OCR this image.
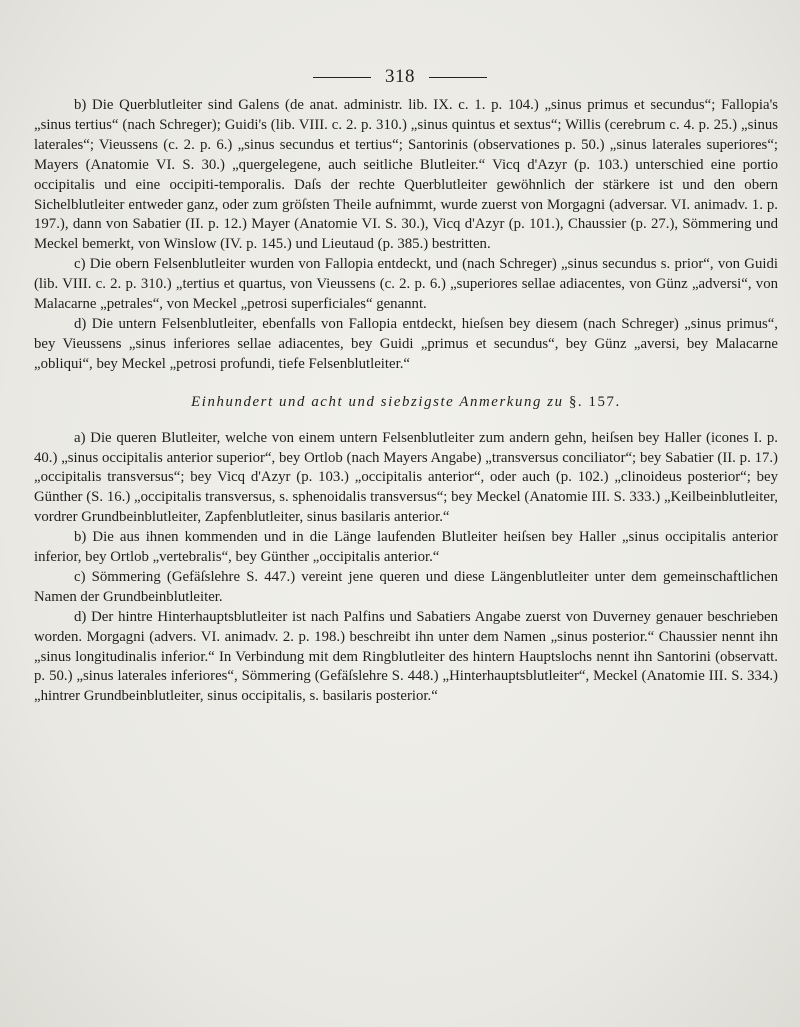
318

b) Die Querblutleiter sind Galens (de anat. administr. lib. IX. c. 1. p. 104.) „sinus primus et secundus“; Fallopia's „sinus tertius“ (nach Schreger); Guidi's (lib. VIII. c. 2. p. 310.) „sinus quintus et sextus“; Willis (cerebrum c. 4. p. 25.) „sinus laterales“; Vieussens (c. 2. p. 6.) „sinus secundus et tertius“; Santorinis (observationes p. 50.) „sinus laterales superiores“; Mayers (Anatomie VI. S. 30.) „quergelegene, auch seitliche Blutleiter.“ Vicq d'Azyr (p. 103.) unterschied eine portio occipitalis und eine occipiti-temporalis. Daſs der rechte Querblutleiter gewöhnlich der stärkere ist und den obern Sichelblutleiter entweder ganz, oder zum gröſsten Theile aufnimmt, wurde zuerst von Morgagni (adversar. VI. animadv. 1. p. 197.), dann von Sabatier (II. p. 12.) Mayer (Anatomie VI. S. 30.), Vicq d'Azyr (p. 101.), Chaussier (p. 27.), Sömmering und Meckel bemerkt, von Winslow (IV. p. 145.) und Lieutaud (p. 385.) bestritten.

c) Die obern Felsenblutleiter wurden von Fallopia entdeckt, und (nach Schreger) „sinus secundus s. prior“, von Guidi (lib. VIII. c. 2. p. 310.) „tertius et quartus, von Vieussens (c. 2. p. 6.) „superiores sellae adiacentes, von Günz „adversi“, von Malacarne „petrales“, von Meckel „petrosi superficiales“ genannt.

d) Die untern Felsenblutleiter, ebenfalls von Fallopia entdeckt, hieſsen bey diesem (nach Schreger) „sinus primus“, bey Vieussens „sinus inferiores sellae adiacentes, bey Guidi „primus et secundus“, bey Günz „aversi, bey Malacarne „obliqui“, bey Meckel „petrosi profundi, tiefe Felsenblutleiter.“

Einhundert und acht und siebzigste Anmerkung zu §. 157.

a) Die queren Blutleiter, welche von einem untern Felsenblutleiter zum andern gehn, heiſsen bey Haller (icones I. p. 40.) „sinus occipitalis anterior superior“, bey Ortlob (nach Mayers Angabe) „transversus conciliator“; bey Sabatier (II. p. 17.) „occipitalis transversus“; bey Vicq d'Azyr (p. 103.) „occipitalis anterior“, oder auch (p. 102.) „clinoideus posterior“; bey Günther (S. 16.) „occipitalis transversus, s. sphenoidalis transversus“; bey Meckel (Anatomie III. S. 333.) „Keilbeinblutleiter, vordrer Grundbeinblutleiter, Zapfenblutleiter, sinus basilaris anterior.“

b) Die aus ihnen kommenden und in die Länge laufenden Blutleiter heiſsen bey Haller „sinus occipitalis anterior inferior, bey Ortlob „vertebralis“, bey Günther „occipitalis anterior.“

c) Sömmering (Gefäſslehre S. 447.) vereint jene queren und diese Längenblutleiter unter dem gemeinschaftlichen Namen der Grundbeinblutleiter.

d) Der hintre Hinterhauptsblutleiter ist nach Palfins und Sabatiers Angabe zuerst von Duverney genauer beschrieben worden. Morgagni (advers. VI. animadv. 2. p. 198.) beschreibt ihn unter dem Namen „sinus posterior.“ Chaussier nennt ihn „sinus longitudinalis inferior.“ In Verbindung mit dem Ringblutleiter des hintern Hauptslochs nennt ihn Santorini (observatt. p. 50.) „sinus laterales inferiores“, Sömmering (Gefäſslehre S. 448.) „Hinterhauptsblutleiter“, Meckel (Anatomie III. S. 334.) „hintrer Grundbeinblutleiter, sinus occipitalis, s. basilaris posterior.“
